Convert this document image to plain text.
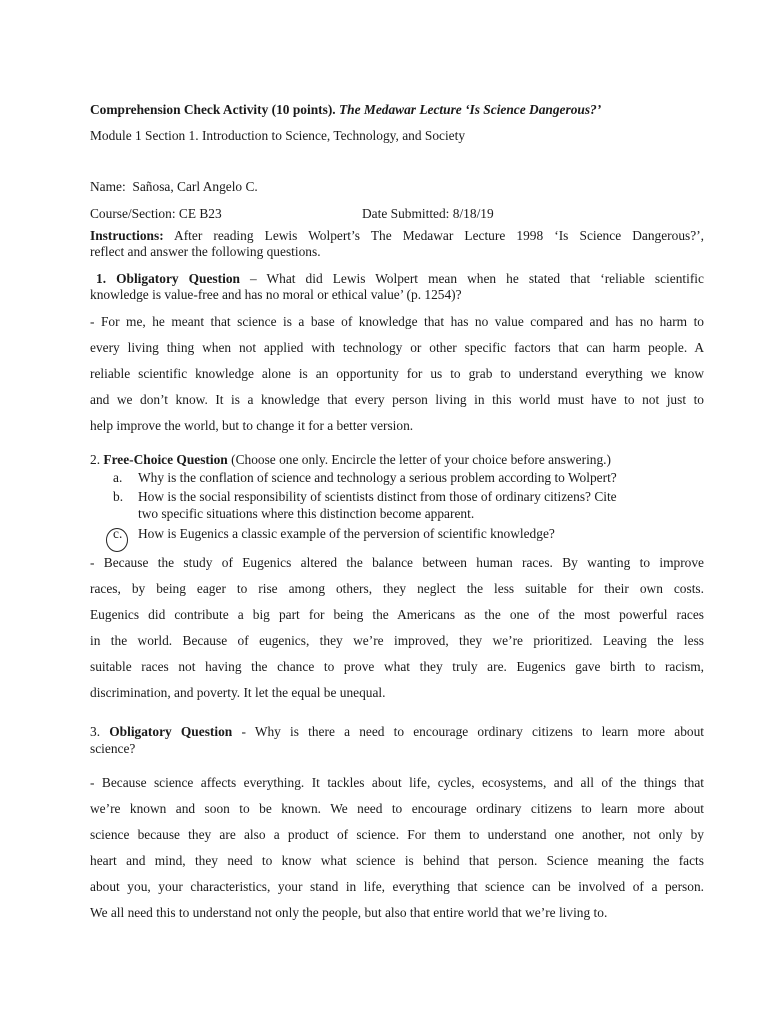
Comprehension Check Activity (10 points). The Medawar Lecture ‘Is Science Dangerous?’
Module 1 Section 1. Introduction to Science, Technology, and Society
Name: Sañosa, Carl Angelo C.
Course/Section: CE B23	Date Submitted: 8/18/19
Instructions: After reading Lewis Wolpert’s The Medawar Lecture 1998 ‘Is Science Dangerous?’,
reflect and answer the following questions.
1. Obligatory Question – What did Lewis Wolpert mean when he stated that ‘reliable scientific
knowledge is value-free and has no moral or ethical value’ (p. 1254)?
- For me, he meant that science is a base of knowledge that has no value compared and has no harm to
every living thing when not applied with technology or other specific factors that can harm people. A
reliable scientific knowledge alone is an opportunity for us to grab to understand everything we know
and we don’t know. It is a knowledge that every person living in this world must have to not just to
help improve the world, but to change it for a better version.
2. Free-Choice Question (Choose one only. Encircle the letter of your choice before answering.)
a. Why is the conflation of science and technology a serious problem according to Wolpert?
b. How is the social responsibility of scientists distinct from those of ordinary citizens? Cite
two specific situations where this distinction become apparent.
c. How is Eugenics a classic example of the perversion of scientific knowledge?
- Because the study of Eugenics altered the balance between human races. By wanting to improve
races, by being eager to rise among others, they neglect the less suitable for their own costs.
Eugenics did contribute a big part for being the Americans as the one of the most powerful races
in the world. Because of eugenics, they we’re improved, they we’re prioritized. Leaving the less
suitable races not having the chance to prove what they truly are. Eugenics gave birth to racism,
discrimination, and poverty. It let the equal be unequal.
3. Obligatory Question - Why is there a need to encourage ordinary citizens to learn more about
science?
- Because science affects everything. It tackles about life, cycles, ecosystems, and all of the things that
we’re known and soon to be known. We need to encourage ordinary citizens to learn more about
science because they are also a product of science. For them to understand one another, not only by
heart and mind, they need to know what science is behind that person. Science meaning the facts
about you, your characteristics, your stand in life, everything that science can be involved of a person.
We all need this to understand not only the people, but also that entire world that we’re living to.
